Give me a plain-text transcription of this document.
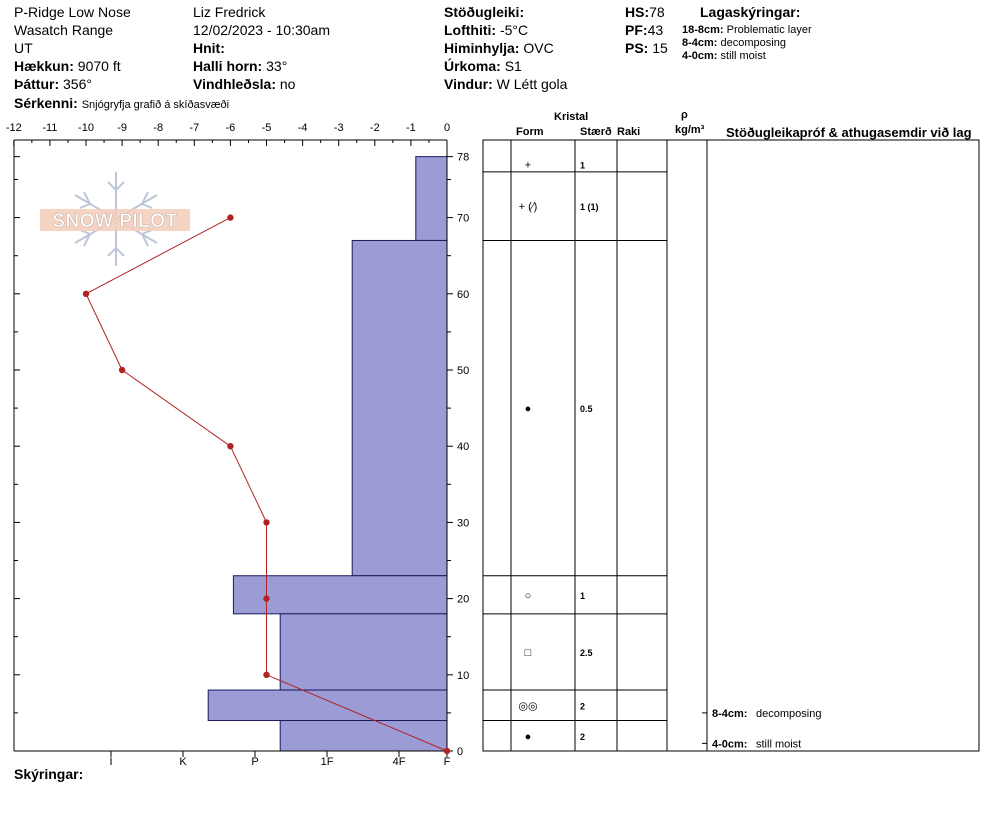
P-Ridge Low Nose
Wasatch Range
UT
Hækkun: 9070 ft
Þáttur: 356°
Sérkenni: Snjógryfja grafið á skíðasvæði
Liz Fredrick
12/02/2023 - 10:30am
Hnit:
Halli horn: 33°
Vindhleðsla: no
Stöðugleiki:
Lofthiti: -5°C
Himinhylja: OVC
Úrkoma: S1
Vindur: W Létt gola
HS:78
PF:43
PS: 15
Lagaskýringar:
18-8cm: Problematic layer
8-4cm: decomposing
4-0cm: still moist
Kristal
Form	Stærð Raki
ρ
kg/m³ Stöðugleikapróf & athugasemdir við lag
Skýringar:
SNOW PILOT
-12 -11 -10 -9 -8 -7 -6 -5 -4 -3 -2 -1	0
0
10
20
30
40
50
60
70
78
I	K	P	1F	4F	F
+	1
+ (⁄)	1 (1)
●	0.5
○	1
□	2.5
◎◎	2
●	2
8-4cm: decomposing
4-0cm: still moist
